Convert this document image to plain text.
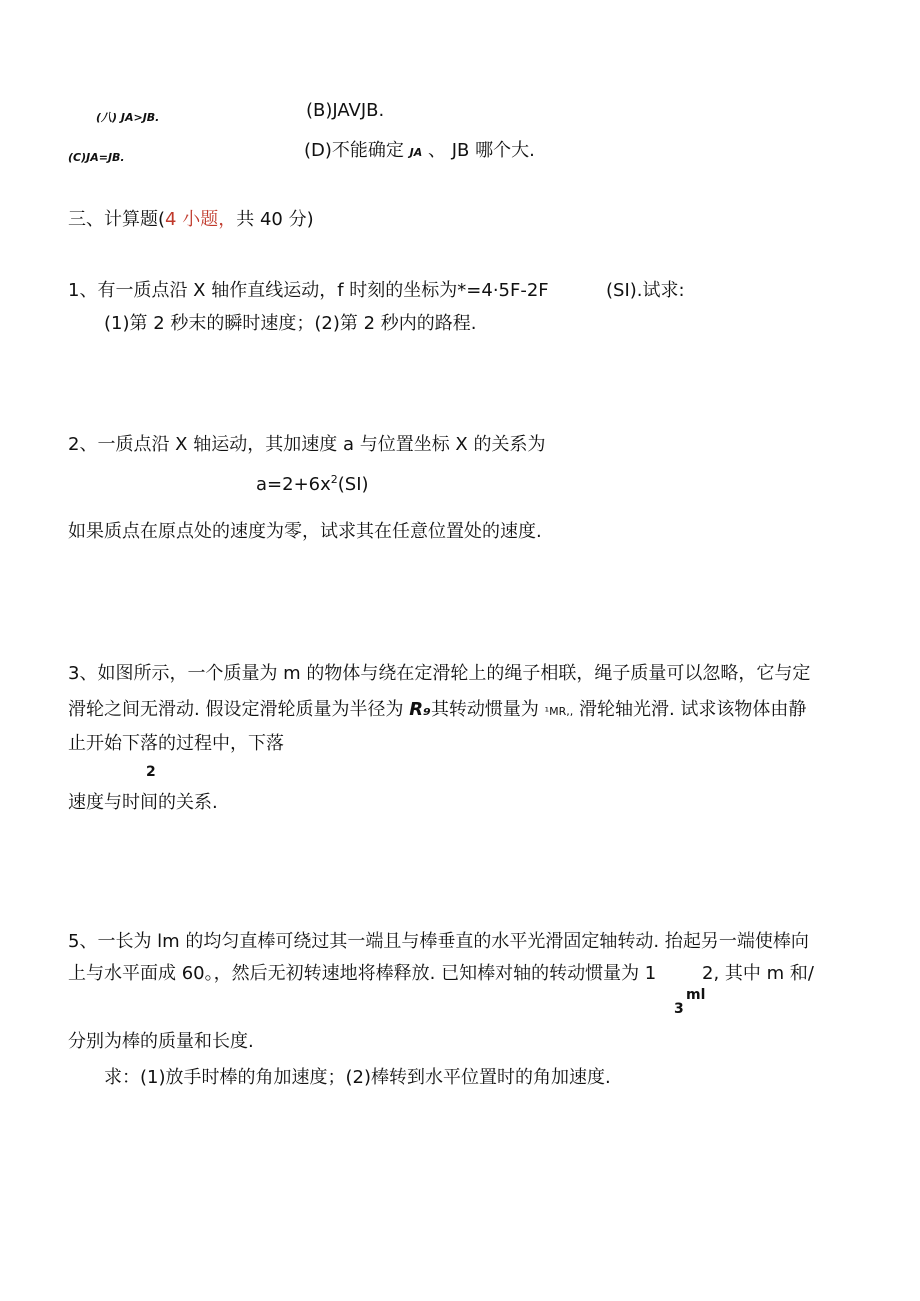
(八) JA>JB.	(B)JAVJB.
(C)JA=JB.	(D)不能确定 JA 、 JB 哪个大.
三、计算题(4 小题，共 40 分)
1、有一质点沿 X 轴作直线运动，f 时刻的坐标为*=4·5F-2F	(SI).试求:
(1)第 2 秒末的瞬时速度；(2)第 2 秒内的路程.
2、一质点沿 X 轴运动，其加速度 a 与位置坐标 X 的关系为
$a=2+6x^2(SI)$
如果质点在原点处的速度为零，试求其在任意位置处的速度.
3、如图所示，一个质量为 m 的物体与绕在定滑轮上的绳子相联，绳子质量可以忽略，它与定
滑轮之间无滑动. 假设定滑轮质量为半径为 R₉其转动惯量为 ¹MR,, 滑轮轴光滑. 试求该物体由静
止开始下落的过程中，下落
2
速度与时间的关系.
5、一长为 lm 的均匀直棒可绕过其一端且与棒垂直的水平光滑固定轴转动. 抬起另一端使棒向
上与水平面成 60。，然后无初转速地将棒释放. 已知棒对轴的转动惯量为 1	2, 其中 m 和/
ml
3
分别为棒的质量和长度.
求：(1)放手时棒的角加速度；(2)棒转到水平位置时的角加速度.
